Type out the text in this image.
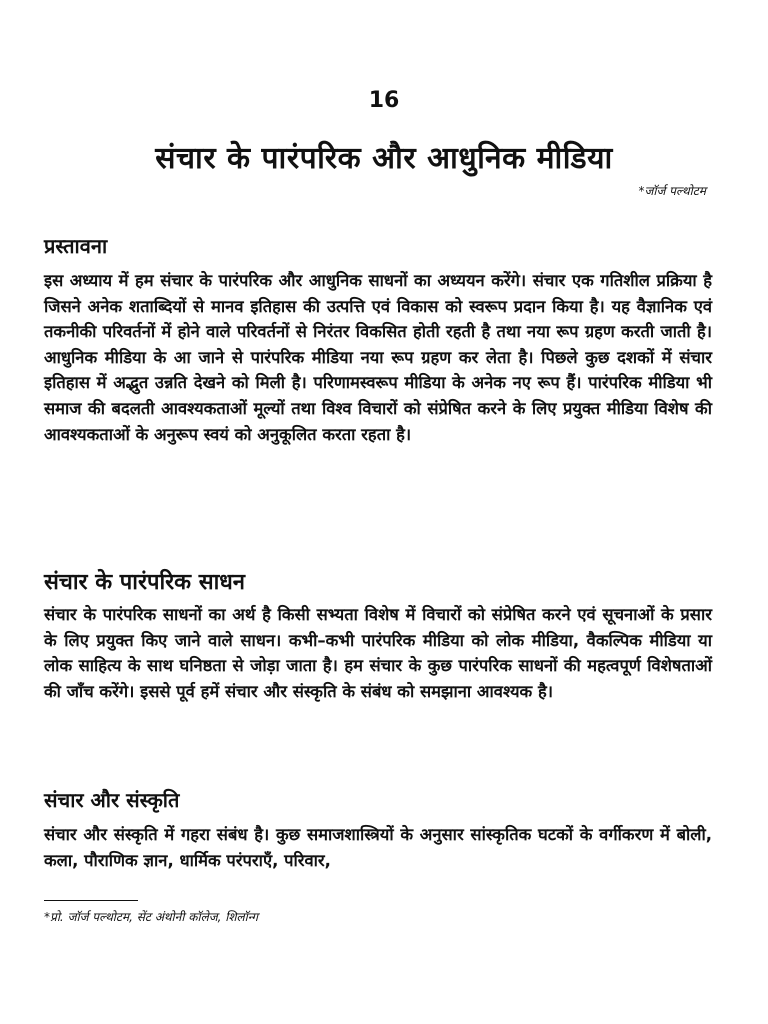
16
संचार के पारंपरिक और आधुनिक मीडिया
*जॉर्ज पल्थोटम
प्रस्तावना
इस अध्याय में हम संचार के पारंपरिक और आधुनिक साधनों का अध्ययन करेंगे। संचार एक गतिशील प्रक्रिया है जिसने अनेक शताब्दियों से मानव इतिहास की उत्पत्ति एवं विकास को स्वरूप प्रदान किया है। यह वैज्ञानिक एवं तकनीकी परिवर्तनों में होने वाले परिवर्तनों से निरंतर विकसित होती रहती है तथा नया रूप ग्रहण करती जाती है। आधुनिक मीडिया के आ जाने से पारंपरिक मीडिया नया रूप ग्रहण कर लेता है। पिछले कुछ दशकों में संचार इतिहास में अद्भुत उन्नति देखने को मिली है। परिणामस्वरूप मीडिया के अनेक नए रूप हैं। पारंपरिक मीडिया भी समाज की बदलती आवश्यकताओं मूल्यों तथा विश्व विचारों को संप्रेषित करने के लिए प्रयुक्त मीडिया विशेष की आवश्यकताओं के अनुरूप स्वयं को अनुकूलित करता रहता है।
संचार के पारंपरिक साधन
संचार के पारंपरिक साधनों का अर्थ है किसी सभ्यता विशेष में विचारों को संप्रेषित करने एवं सूचनाओं के प्रसार के लिए प्रयुक्त किए जाने वाले साधन। कभी–कभी पारंपरिक मीडिया को लोक मीडिया, वैकल्पिक मीडिया या लोक साहित्य के साथ घनिष्ठता से जोड़ा जाता है। हम संचार के कुछ पारंपरिक साधनों की महत्वपूर्ण विशेषताओं की जाँच करेंगे। इससे पूर्व हमें संचार और संस्कृति के संबंध को समझाना आवश्यक है।
संचार और संस्कृति
संचार और संस्कृति में गहरा संबंध है। कुछ समाजशास्त्रियों के अनुसार सांस्कृतिक घटकों के वर्गीकरण में बोली, कला, पौराणिक ज्ञान, धार्मिक परंपराएँ, परिवार,
*प्रो. जॉर्ज पल्थोटम, सेंट अंथोनी कॉलेज, शिलॉन्ग
